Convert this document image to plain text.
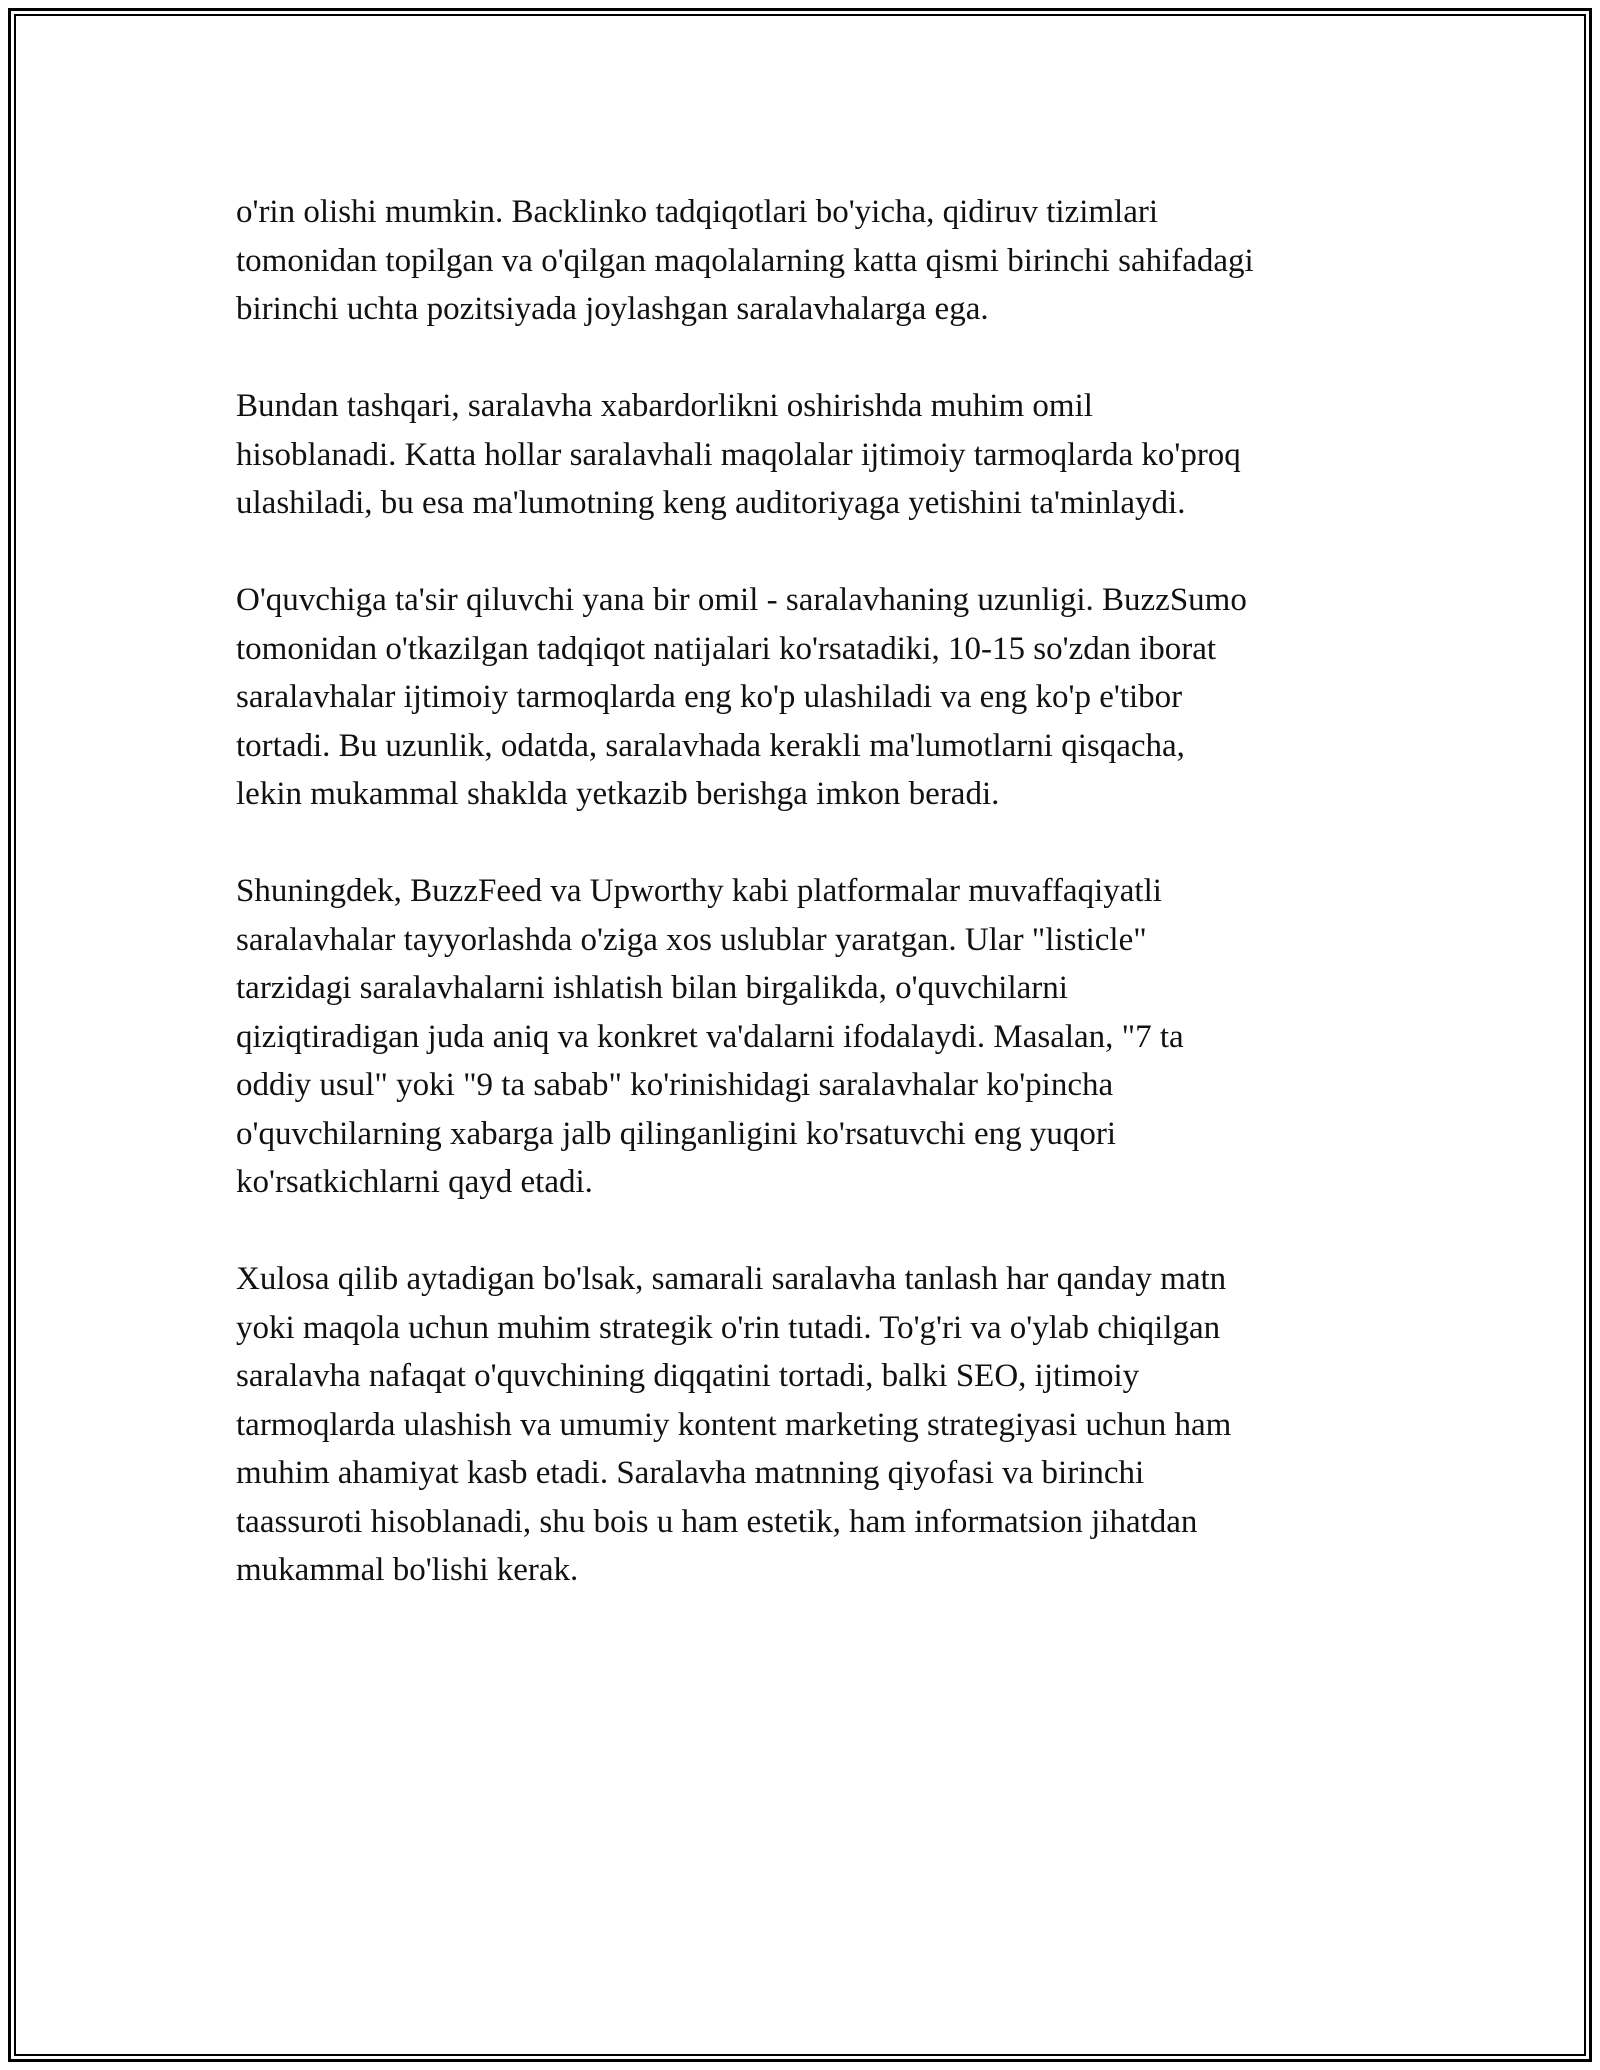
o'rin olishi mumkin. Backlinko tadqiqotlari bo'yicha, qidiruv tizimlari
tomonidan topilgan va o'qilgan maqolalarning katta qismi birinchi sahifadagi
birinchi uchta pozitsiyada joylashgan saralavhalarga ega.

Bundan tashqari, saralavha xabardorlikni oshirishda muhim omil
hisoblanadi. Katta hollar saralavhali maqolalar ijtimoiy tarmoqlarda ko'proq
ulashiladi, bu esa ma'lumotning keng auditoriyaga yetishini ta'minlaydi.

O'quvchiga ta'sir qiluvchi yana bir omil - saralavhaning uzunligi. BuzzSumo
tomonidan o'tkazilgan tadqiqot natijalari ko'rsatadiki, 10-15 so'zdan iborat
saralavhalar ijtimoiy tarmoqlarda eng ko'p ulashiladi va eng ko'p e'tibor
tortadi. Bu uzunlik, odatda, saralavhada kerakli ma'lumotlarni qisqacha,
lekin mukammal shaklda yetkazib berishga imkon beradi.

Shuningdek, BuzzFeed va Upworthy kabi platformalar muvaffaqiyatli
saralavhalar tayyorlashda o'ziga xos uslublar yaratgan. Ular "listicle"
tarzidagi saralavhalarni ishlatish bilan birgalikda, o'quvchilarni
qiziqtiradigan juda aniq va konkret va'dalarni ifodalaydi. Masalan, "7 ta
oddiy usul" yoki "9 ta sabab" ko'rinishidagi saralavhalar ko'pincha
o'quvchilarning xabarga jalb qilinganligini ko'rsatuvchi eng yuqori
ko'rsatkichlarni qayd etadi.

Xulosa qilib aytadigan bo'lsak, samarali saralavha tanlash har qanday matn
yoki maqola uchun muhim strategik o'rin tutadi. To'g'ri va o'ylab chiqilgan
saralavha nafaqat o'quvchining diqqatini tortadi, balki SEO, ijtimoiy
tarmoqlarda ulashish va umumiy kontent marketing strategiyasi uchun ham
muhim ahamiyat kasb etadi. Saralavha matnning qiyofasi va birinchi
taassuroti hisoblanadi, shu bois u ham estetik, ham informatsion jihatdan
mukammal bo'lishi kerak.
